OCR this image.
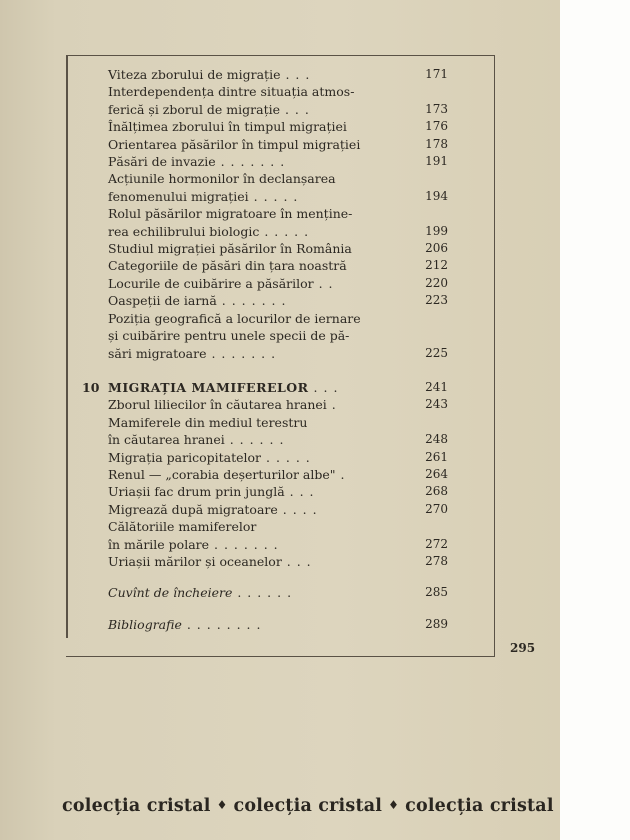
Viteza zborului de migrație . . .	171
Interdependența dintre situația atmos-
ferică și zborul de migrație . . .	173
Înălțimea zborului în timpul migrației	176
Orientarea păsărilor în timpul migrației	178
Păsări de invazie . . . . . . .	191
Acțiunile hormonilor în declanșarea
fenomenului migrației . . . . .	194
Rolul păsărilor migratoare în menține-
rea echilibrului biologic . . . . .	199
Studiul migrației păsărilor în România	206
Categoriile de păsări din țara noastră	212
Locurile de cuibărire a păsărilor . .	220
Oaspeții de iarnă . . . . . . .	223
Poziția geografică a locurilor de iernare
și cuibărire pentru unele specii de pă-
sări migratoare . . . . . . .	225
10 MIGRAȚIA MAMIFERELOR . . .	241
Zborul liliecilor în căutarea hranei .	243
Mamiferele din mediul terestru
în căutarea hranei . . . . . .	248
Migrația paricopitatelor . . . . .	261
Renul — „corabia deșerturilor albe" .	264
Uriașii fac drum prin junglă . . .	268
Migrează după migratoare . . . .	270
Călătoriile mamiferelor
în mările polare . . . . . . .	272
Uriașii mărilor și oceanelor . . .	278
Cuvînt de încheiere . . . . . .	285
Bibliografie . . . . . . . .	289
295
colecția cristal ♦ colecția cristal ♦ colecția cristal
